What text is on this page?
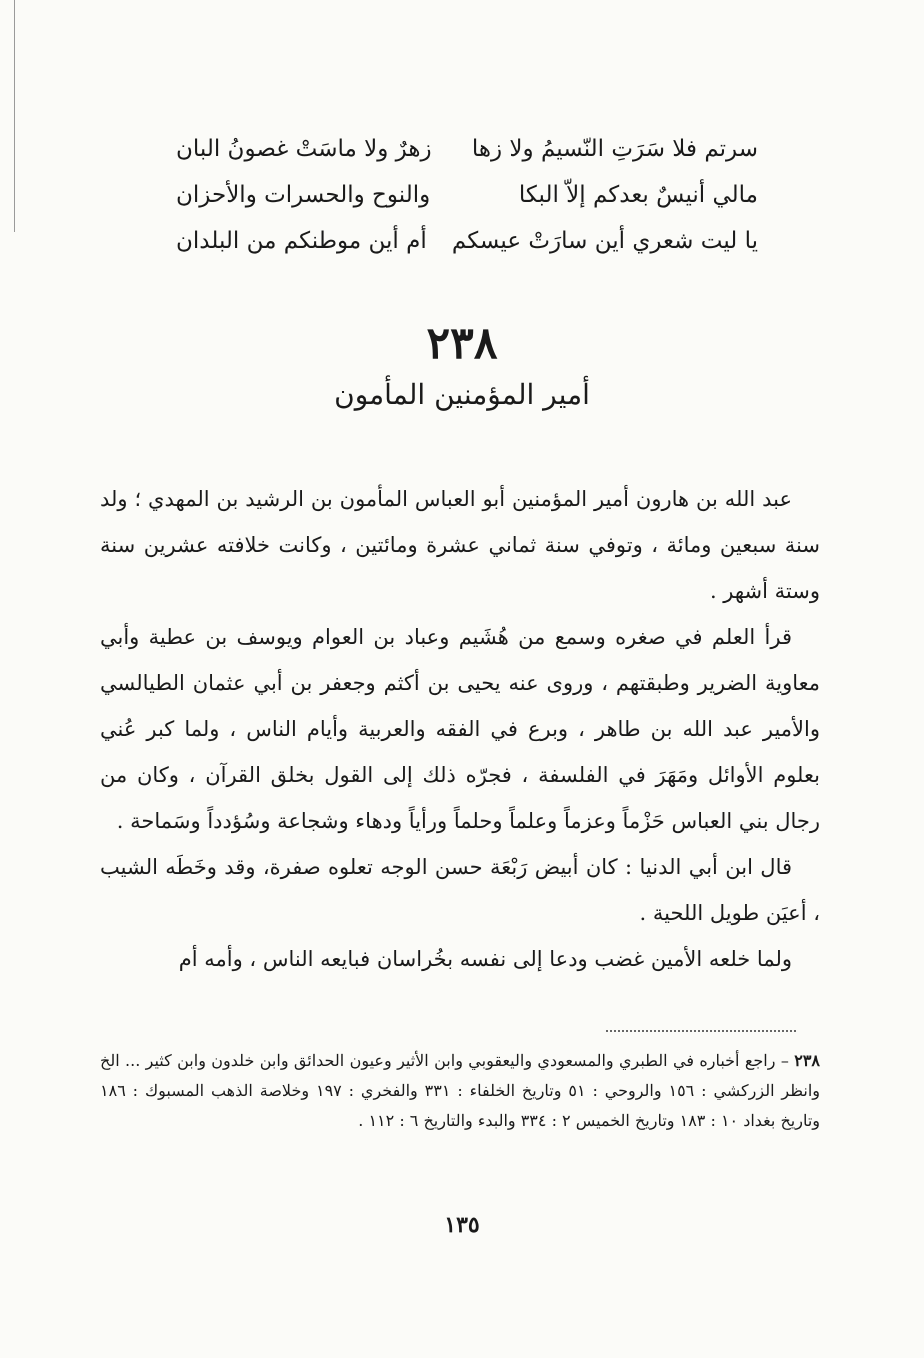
سرتم فلا سَرَتِ النّسيمُ ولا زها
زهرٌ ولا ماسَتْ غصونُ البان
مالي أنيسٌ بعدكم إلاّ البكا
والنوح والحسرات والأحزان
يا ليت شعري أين سارَتْ عيسكم
أم أين موطنكم من البلدان
٢٣٨
أمير المؤمنين المأمون

عبد الله بن هارون أمير المؤمنين أبو العباس المأمون بن الرشيد بن المهدي ؛ ولد سنة سبعين ومائة ، وتوفي سنة ثماني عشرة ومائتين ، وكانت خلافته عشرين سنة وستة أشهر .

قرأ العلم في صغره وسمع من هُشَيم وعباد بن العوام ويوسف بن عطية وأبي معاوية الضرير وطبقتهم ، وروى عنه يحيى بن أكثم وجعفر بن أبي عثمان الطيالسي والأمير عبد الله بن طاهر ، وبرع في الفقه والعربية وأيام الناس ، ولما كبر عُني بعلوم الأوائل ومَهَرَ في الفلسفة ، فجرّه ذلك إلى القول بخلق القرآن ، وكان من رجال بني العباس حَزْماً وعزماً وعلماً وحلماً ورأياً ودهاء وشجاعة وسُؤدداً وسَماحة .

قال ابن أبي الدنيا : كان أبيض رَبْعَة حسن الوجه تعلوه صفرة، وقد وخَطَه الشيب ، أعيَن طويل اللحية .

ولما خلعه الأمين غضب ودعا إلى نفسه بخُراسان فبايعه الناس ، وأمه أم

٢٣٨ – راجع أخباره في الطبري والمسعودي واليعقوبي وابن الأثير وعيون الحدائق وابن خلدون وابن كثير ... الخ وانظر الزركشي : ١٥٦ والروحي : ٥١ وتاريخ الخلفاء : ٣٣١ والفخري : ١٩٧ وخلاصة الذهب المسبوك : ١٨٦ وتاريخ بغداد ١٠ : ١٨٣ وتاريخ الخميس ٢ : ٣٣٤ والبدء والتاريخ ٦ : ١١٢ .

١٣٥
